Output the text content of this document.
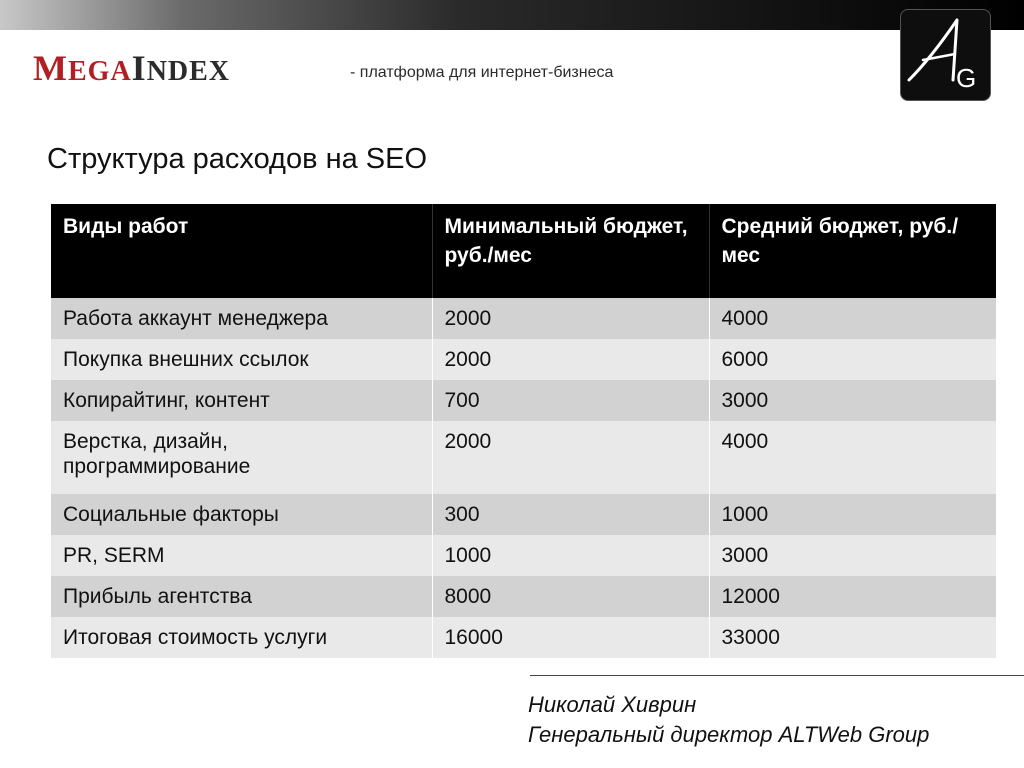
MEGA INDEX	- платформа для интернет-бизнеса	G
Структура расходов на SEO
Виды работ	Минимальный бюджет, руб./мес	Средний бюджет, руб./мес
Работа аккаунт менеджера	2000	4000
Покупка внешних ссылок	2000	6000
Копирайтинг, контент	700	3000
Верстка, дизайн, программирование	2000	4000
Социальные факторы	300	1000
PR, SERM	1000	3000
Прибыль агентства	8000	12000
Итоговая стоимость услуги	16000	33000
Николай Хиврин
Генеральный директор ALTWeb Group
